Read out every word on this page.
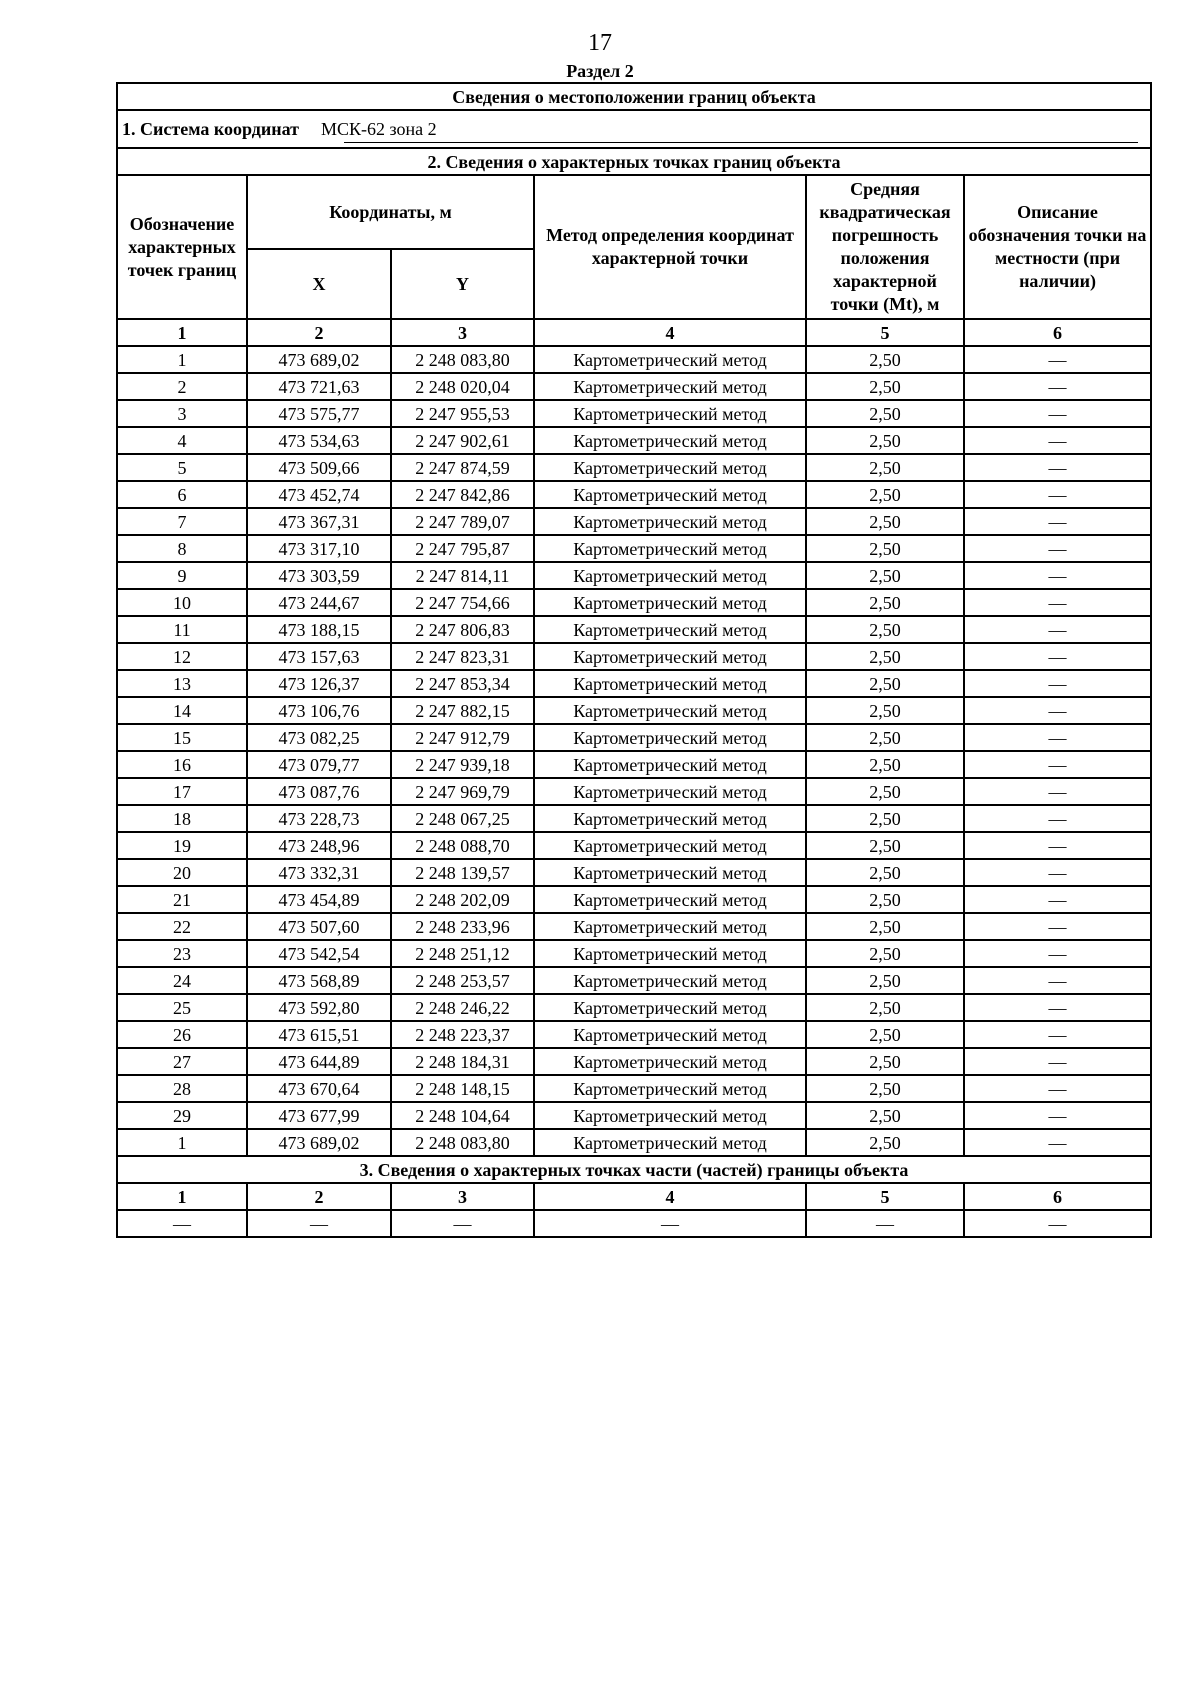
17
Раздел 2
Сведения о местоположении границ объекта					

1. Система координат МСК-62 зона 2					

2. Сведения о характерных точках границ объекта					
Обозначение характерных точек границ	Координаты, м		Метод определения координат характерной точки	Средняя квадратическая погрешность положения характерной точки (Mt), м	Описание обозначения точки на местности (при наличии)
	X	Y			
1	2	3	4	5	6
1	473 689,02	2 248 083,80	Картометрический метод	2,50	—
2	473 721,63	2 248 020,04	Картометрический метод	2,50	—
3	473 575,77	2 247 955,53	Картометрический метод	2,50	—
4	473 534,63	2 247 902,61	Картометрический метод	2,50	—
5	473 509,66	2 247 874,59	Картометрический метод	2,50	—
6	473 452,74	2 247 842,86	Картометрический метод	2,50	—
7	473 367,31	2 247 789,07	Картометрический метод	2,50	—
8	473 317,10	2 247 795,87	Картометрический метод	2,50	—
9	473 303,59	2 247 814,11	Картометрический метод	2,50	—
10	473 244,67	2 247 754,66	Картометрический метод	2,50	—
11	473 188,15	2 247 806,83	Картометрический метод	2,50	—
12	473 157,63	2 247 823,31	Картометрический метод	2,50	—
13	473 126,37	2 247 853,34	Картометрический метод	2,50	—
14	473 106,76	2 247 882,15	Картометрический метод	2,50	—
15	473 082,25	2 247 912,79	Картометрический метод	2,50	—
16	473 079,77	2 247 939,18	Картометрический метод	2,50	—
17	473 087,76	2 247 969,79	Картометрический метод	2,50	—
18	473 228,73	2 248 067,25	Картометрический метод	2,50	—
19	473 248,96	2 248 088,70	Картометрический метод	2,50	—
20	473 332,31	2 248 139,57	Картометрический метод	2,50	—
21	473 454,89	2 248 202,09	Картометрический метод	2,50	—
22	473 507,60	2 248 233,96	Картометрический метод	2,50	—
23	473 542,54	2 248 251,12	Картометрический метод	2,50	—
24	473 568,89	2 248 253,57	Картометрический метод	2,50	—
25	473 592,80	2 248 246,22	Картометрический метод	2,50	—
26	473 615,51	2 248 223,37	Картометрический метод	2,50	—
27	473 644,89	2 248 184,31	Картометрический метод	2,50	—
28	473 670,64	2 248 148,15	Картометрический метод	2,50	—
29	473 677,99	2 248 104,64	Картометрический метод	2,50	—
1	473 689,02	2 248 083,80	Картометрический метод	2,50	—
3. Сведения о характерных точках части (частей) границы объекта					
1	2	3	4	5	6
—	—	—	—	—	—
